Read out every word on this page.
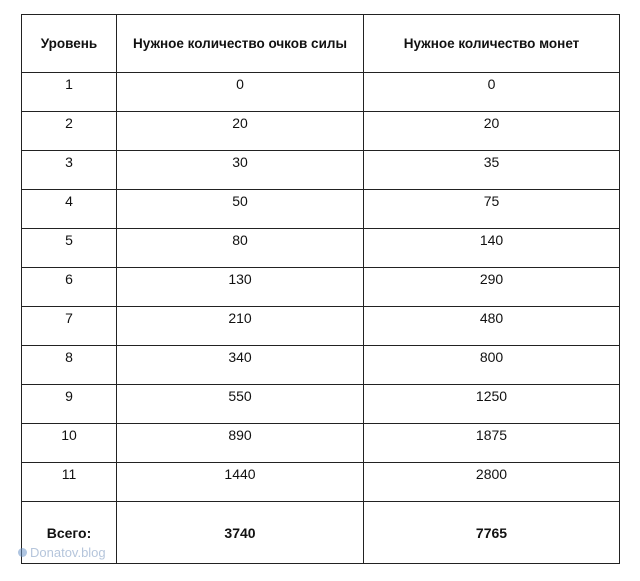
Уровень	Нужное количество очков силы	Нужное количество монет
1	0	0
2	20	20
3	30	35
4	50	75
5	80	140
6	130	290
7	210	480
8	340	800
9	550	1250
10	890	1875
11	1440	2800
Всего:	3740	7765
Donatov.blog
